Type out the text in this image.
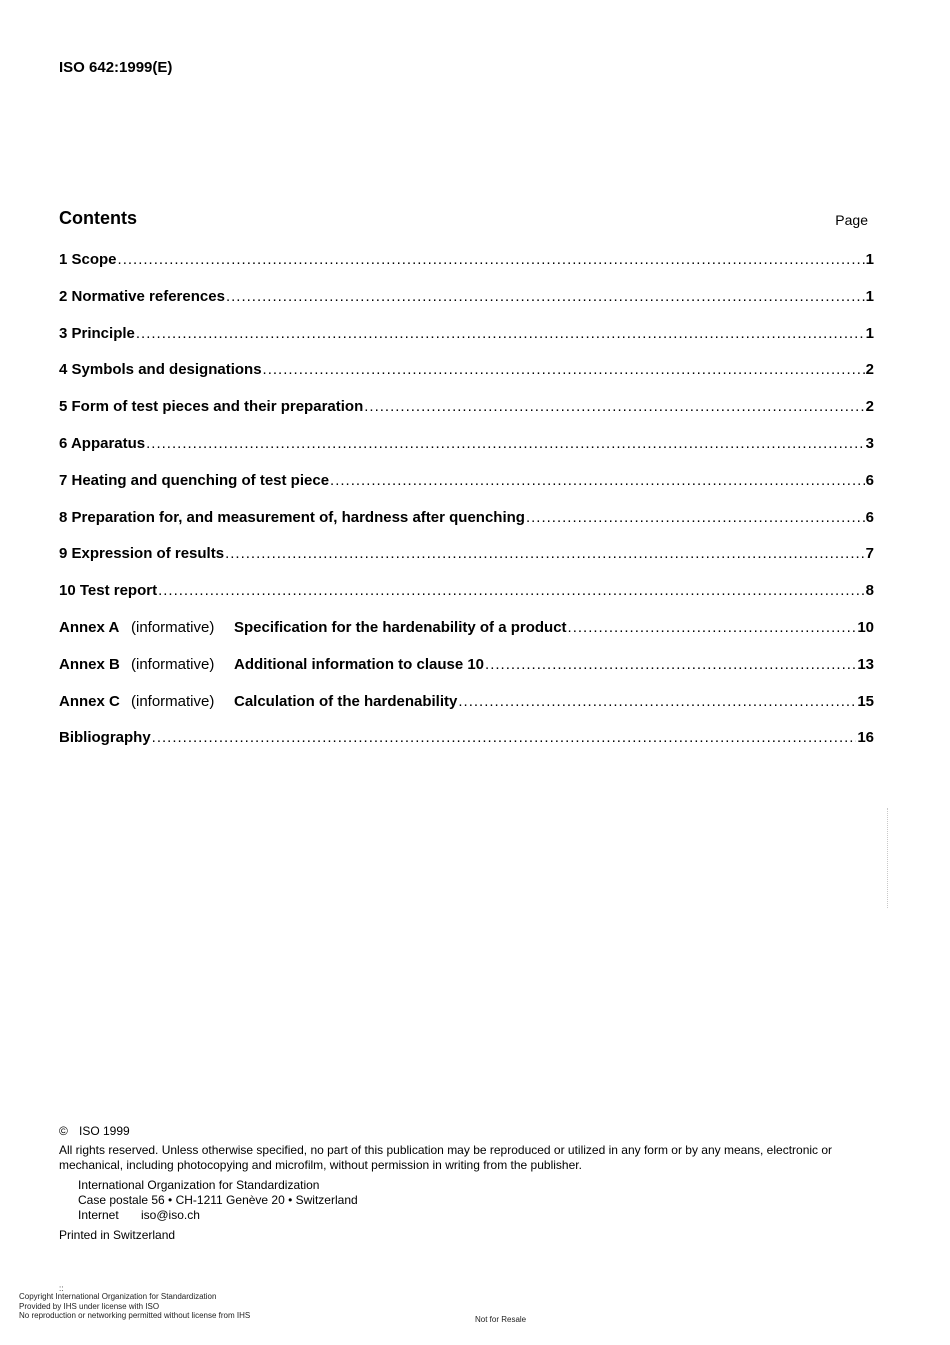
ISO 642:1999(E)
Contents	Page
1 Scope .....	1
2 Normative references .....	1
3 Principle .....	1
4 Symbols and designations .....	2
5 Form of test pieces and their preparation .....	2
6 Apparatus .....	3
7 Heating and quenching of test piece .....	6
8 Preparation for, and measurement of, hardness after quenching .....	6
9 Expression of results .....	7
10 Test report .....	8
Annex A (informative) Specification for the hardenability of a product .....	10
Annex B (informative) Additional information to clause 10 .....	13
Annex C (informative) Calculation of the hardenability .....	15
Bibliography .....	16
© ISO 1999
All rights reserved. Unless otherwise specified, no part of this publication may be reproduced or utilized in any form or by any means, electronic or mechanical, including photocopying and microfilm, without permission in writing from the publisher.
International Organization for Standardization
Case postale 56 • CH-1211 Genève 20 • Switzerland
Internet iso@iso.ch
Printed in Switzerland
::
Copyright International Organization for Standardization
Provided by IHS under license with ISO
No reproduction or networking permitted without license from IHS	Not for Resale
